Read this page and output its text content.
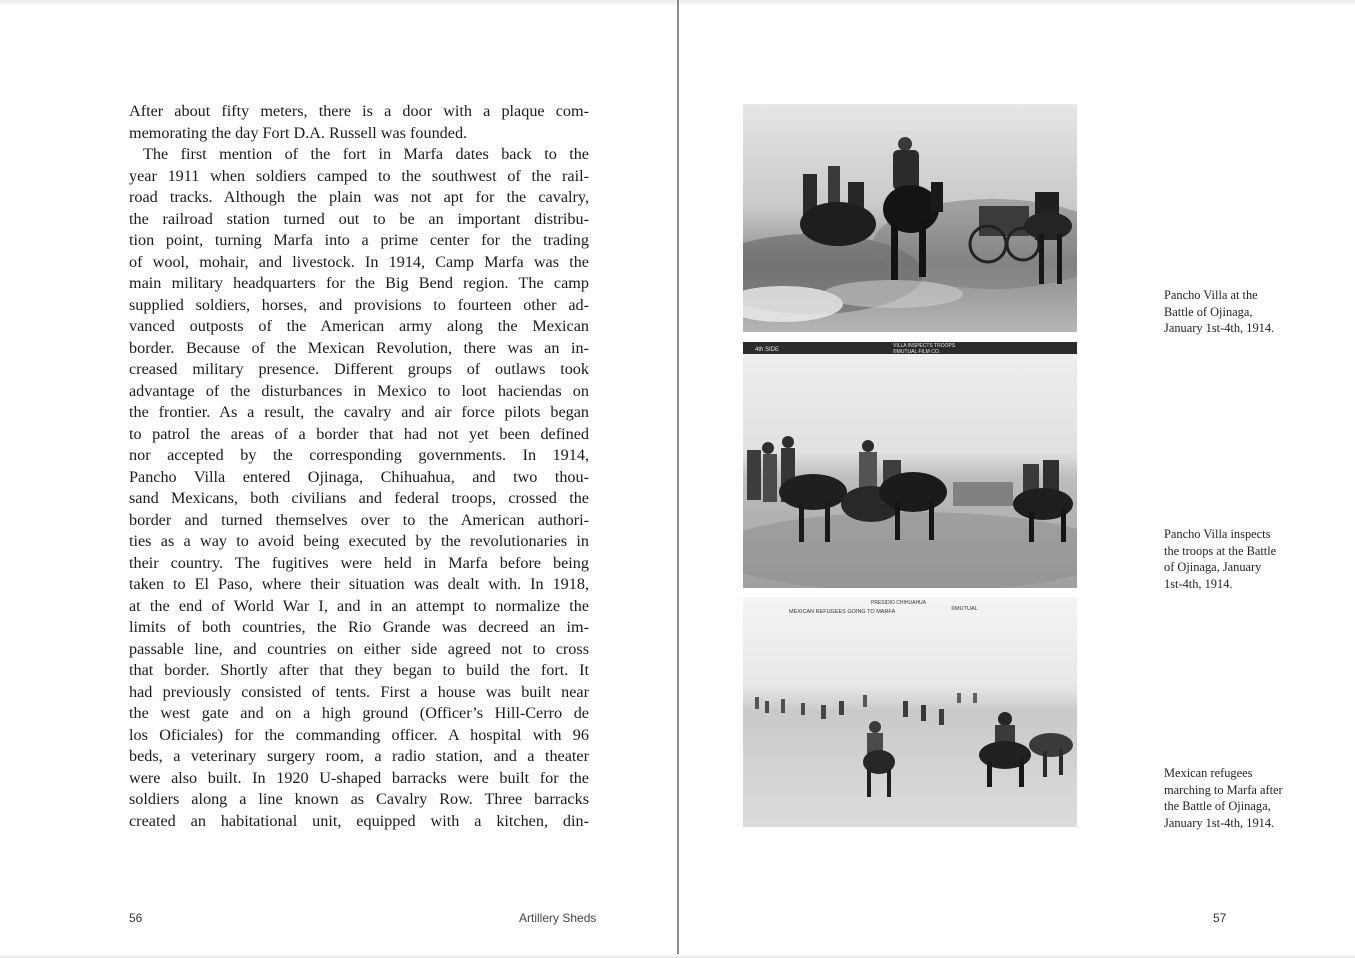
After about fifty meters, there is a door with a plaque com-
memorating the day Fort D.A. Russell was founded.
The first mention of the fort in Marfa dates back to the
year 1911 when soldiers camped to the southwest of the rail-
road tracks. Although the plain was not apt for the cavalry,
the railroad station turned out to be an important distribu-
tion point, turning Marfa into a prime center for the trading
of wool, mohair, and livestock. In 1914, Camp Marfa was the
main military headquarters for the Big Bend region. The camp
supplied soldiers, horses, and provisions to fourteen other ad-
vanced outposts of the American army along the Mexican
border. Because of the Mexican Revolution, there was an in-
creased military presence. Different groups of outlaws took
advantage of the disturbances in Mexico to loot haciendas on
the frontier. As a result, the cavalry and air force pilots began
to patrol the areas of a border that had not yet been defined
nor accepted by the corresponding governments. In 1914,
Pancho Villa entered Ojinaga, Chihuahua, and two thou-
sand Mexicans, both civilians and federal troops, crossed the
border and turned themselves over to the American authori-
ties as a way to avoid being executed by the revolutionaries in
their country. The fugitives were held in Marfa before being
taken to El Paso, where their situation was dealt with. In 1918,
at the end of World War I, and in an attempt to normalize the
limits of both countries, the Rio Grande was decreed an im-
passable line, and countries on either side agreed not to cross
that border. Shortly after that they began to build the fort. It
had previously consisted of tents. First a house was built near
the west gate and on a high ground (Officer’s Hill-Cerro de
los Oficiales) for the commanding officer. A hospital with 96
beds, a veterinary surgery room, a radio station, and a theater
were also built. In 1920 U-shaped barracks were built for the
soldiers along a line known as Cavalry Row. Three barracks
created an habitational unit, equipped with a kitchen, din-
56	Artillery Sheds
4th SIDE
VILLA INSPECTS TROOPS
©MUTUAL FILM CO.
PRESIDIO CHIHUAHUA
MEXICAN REFUGEES GOING TO MARFA	©MUTUAL
Pancho Villa at the
Battle of Ojinaga,
January 1st-4th, 1914.
Pancho Villa inspects
the troops at the Battle
of Ojinaga, January
1st-4th, 1914.
Mexican refugees
marching to Marfa after
the Battle of Ojinaga,
January 1st-4th, 1914.
57
